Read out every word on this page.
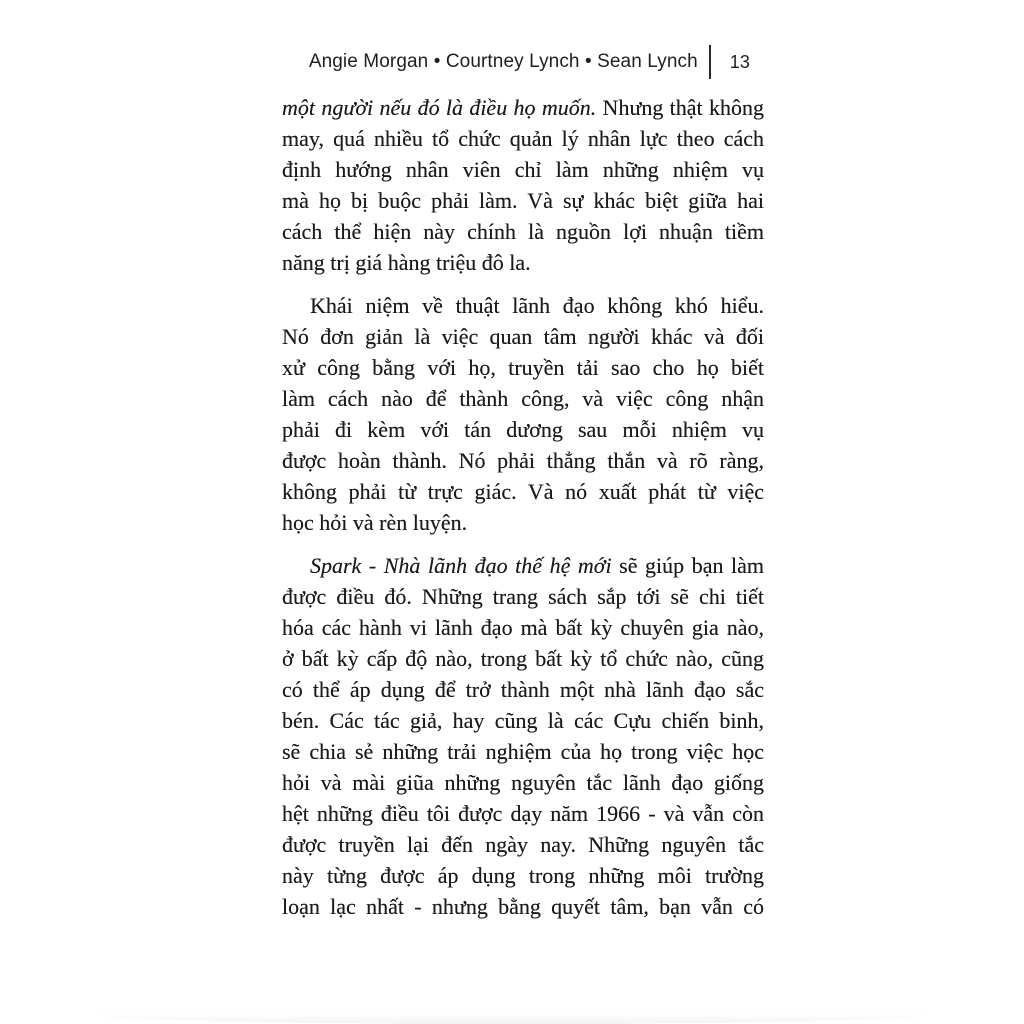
Angie Morgan • Courtney Lynch • Sean Lynch 13
một người nếu đó là điều họ muốn. Nhưng thật không
may, quá nhiều tổ chức quản lý nhân lực theo cách
định hướng nhân viên chỉ làm những nhiệm vụ
mà họ bị buộc phải làm. Và sự khác biệt giữa hai
cách thể hiện này chính là nguồn lợi nhuận tiềm
năng trị giá hàng triệu đô la.
Khái niệm về thuật lãnh đạo không khó hiểu.
Nó đơn giản là việc quan tâm người khác và đối
xử công bằng với họ, truyền tải sao cho họ biết
làm cách nào để thành công, và việc công nhận
phải đi kèm với tán dương sau mỗi nhiệm vụ
được hoàn thành. Nó phải thẳng thắn và rõ ràng,
không phải từ trực giác. Và nó xuất phát từ việc
học hỏi và rèn luyện.
Spark - Nhà lãnh đạo thế hệ mới sẽ giúp bạn làm
được điều đó. Những trang sách sắp tới sẽ chi tiết
hóa các hành vi lãnh đạo mà bất kỳ chuyên gia nào,
ở bất kỳ cấp độ nào, trong bất kỳ tổ chức nào, cũng
có thể áp dụng để trở thành một nhà lãnh đạo sắc
bén. Các tác giả, hay cũng là các Cựu chiến binh,
sẽ chia sẻ những trải nghiệm của họ trong việc học
hỏi và mài giũa những nguyên tắc lãnh đạo giống
hệt những điều tôi được dạy năm 1966 - và vẫn còn
được truyền lại đến ngày nay. Những nguyên tắc
này từng được áp dụng trong những môi trường
loạn lạc nhất - nhưng bằng quyết tâm, bạn vẫn có
